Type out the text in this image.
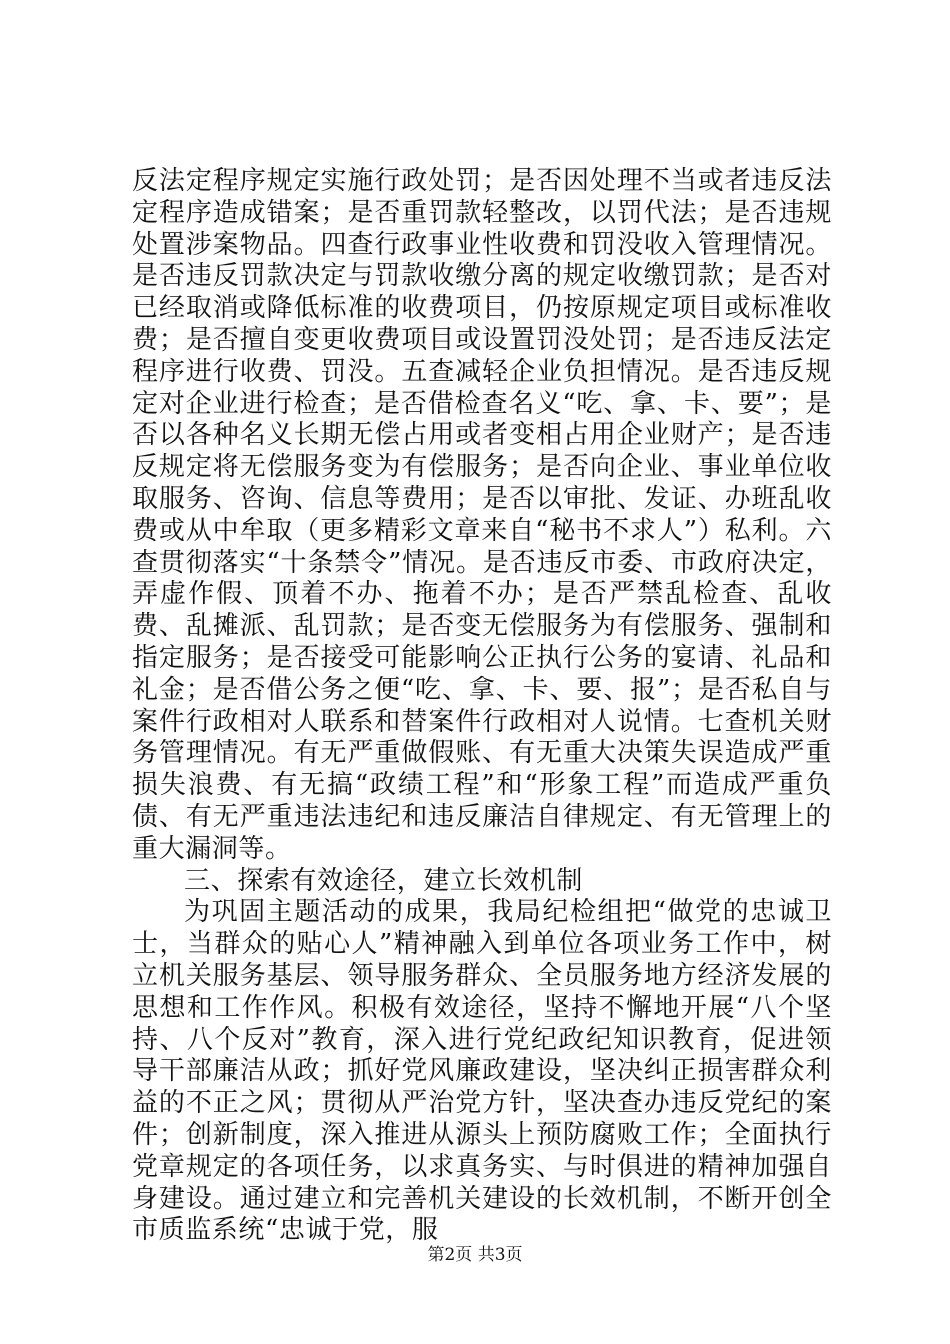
反法定程序规定实施行政处罚；是否因处理不当或者违反法定程序造成错案；是否重罚款轻整改，以罚代法；是否违规处置涉案物品。四查行政事业性收费和罚没收入管理情况。是否违反罚款决定与罚款收缴分离的规定收缴罚款；是否对已经取消或降低标准的收费项目，仍按原规定项目或标准收费；是否擅自变更收费项目或设置罚没处罚；是否违反法定程序进行收费、罚没。五查减轻企业负担情况。是否违反规定对企业进行检查；是否借检查名义“吃、拿、卡、要”；是否以各种名义长期无偿占用或者变相占用企业财产；是否违反规定将无偿服务变为有偿服务；是否向企业、事业单位收取服务、咨询、信息等费用；是否以审批、发证、办班乱收费或从中牟取（更多精彩文章来自“秘书不求人”）私利。六查贯彻落实“十条禁令”情况。是否违反市委、市政府决定，弄虚作假、顶着不办、拖着不办；是否严禁乱检查、乱收费、乱摊派、乱罚款；是否变无偿服务为有偿服务、强制和指定服务；是否接受可能影响公正执行公务的宴请、礼品和礼金；是否借公务之便“吃、拿、卡、要、报”；是否私自与案件行政相对人联系和替案件行政相对人说情。七查机关财务管理情况。有无严重做假账、有无重大决策失误造成严重损失浪费、有无搞“政绩工程”和“形象工程”而造成严重负债、有无严重违法违纪和违反廉洁自律规定、有无管理上的重大漏洞等。

三、探索有效途径，建立长效机制

为巩固主题活动的成果，我局纪检组把“做党的忠诚卫士，当群众的贴心人”精神融入到单位各项业务工作中，树立机关服务基层、领导服务群众、全员服务地方经济发展的思想和工作作风。积极有效途径，坚持不懈地开展“八个坚持、八个反对”教育，深入进行党纪政纪知识教育，促进领导干部廉洁从政；抓好党风廉政建设，坚决纠正损害群众利益的不正之风；贯彻从严治党方针，坚决查办违反党纪的案件；创新制度，深入推进从源头上预防腐败工作；全面执行党章规定的各项任务，以求真务实、与时俱进的精神加强自身建设。通过建立和完善机关建设的长效机制，不断开创全市质监系统“忠诚于党，服

第2页 共3页
